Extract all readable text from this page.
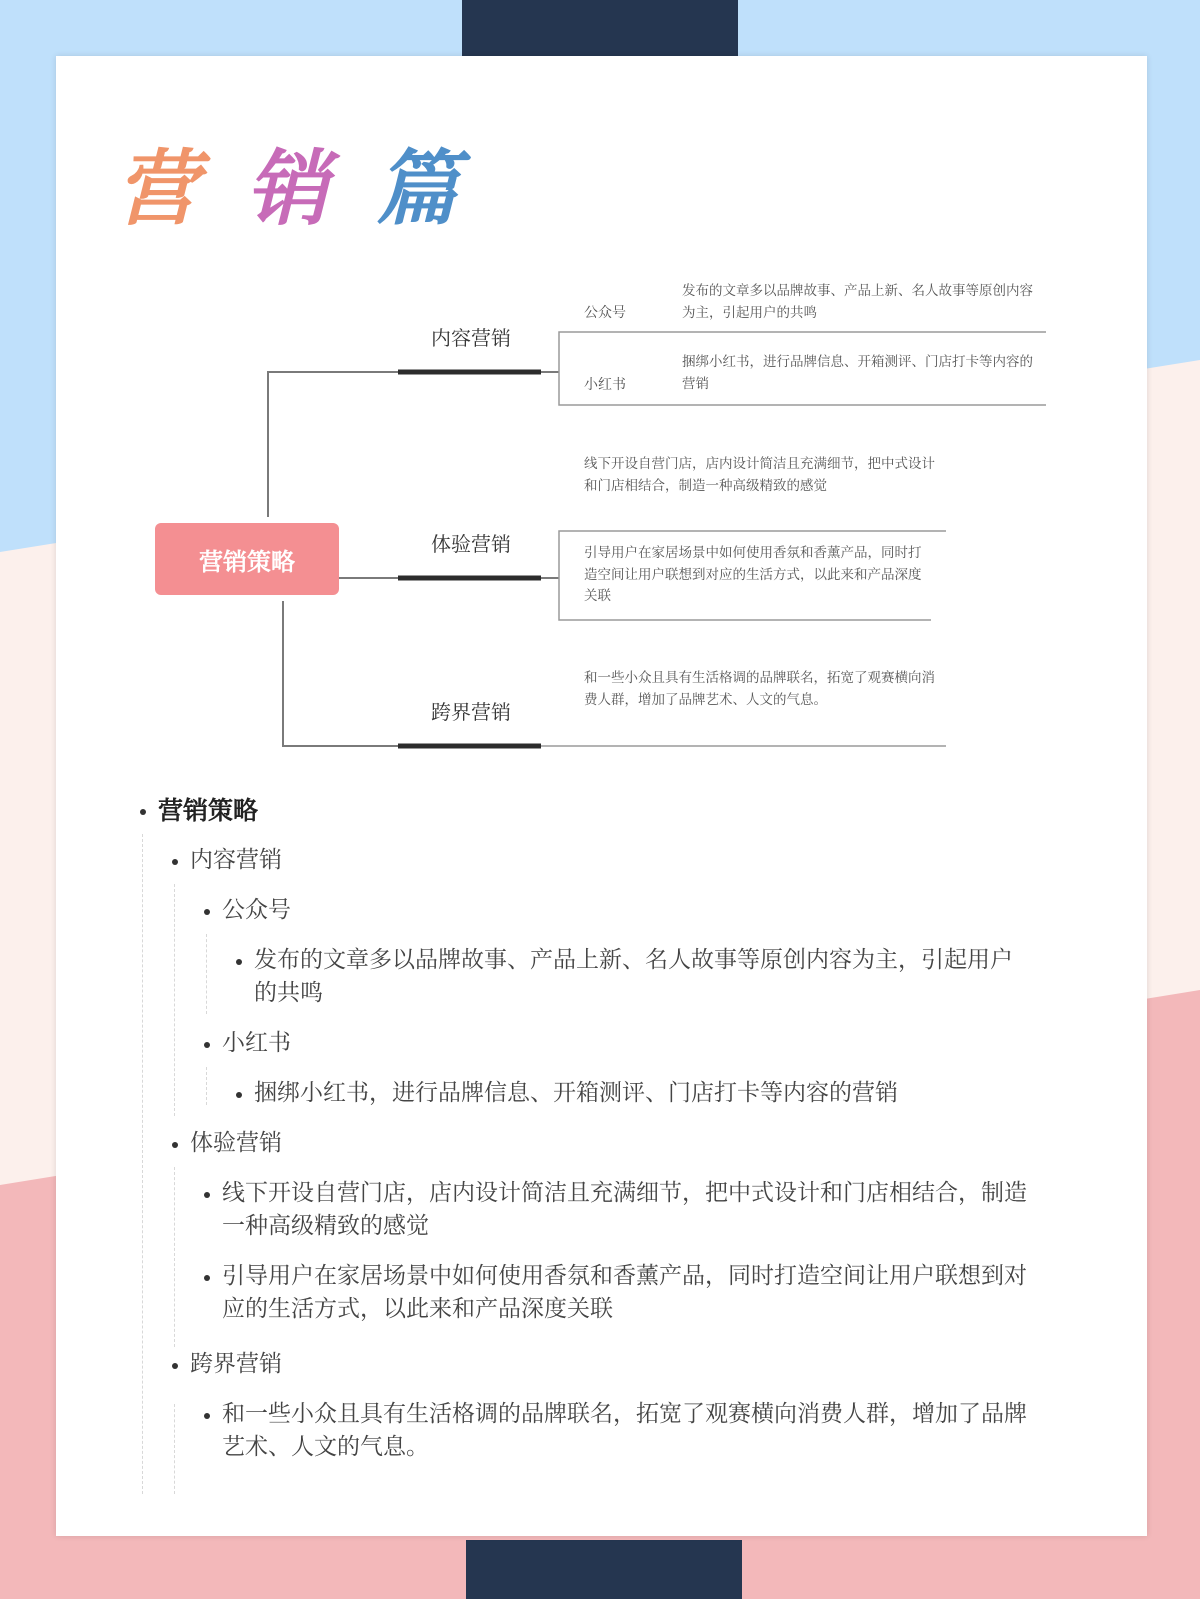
营 销 篇
营销策略
内容营销
体验营销
跨界营销
公众号
发布的文章多以品牌故事、产品上新、名人故事等原创内容为主，引起用户的共鸣
小红书
捆绑小红书，进行品牌信息、开箱测评、门店打卡等内容的营销
线下开设自营门店，店内设计简洁且充满细节，把中式设计和门店相结合，制造一种高级精致的感觉
引导用户在家居场景中如何使用香氛和香薰产品，同时打造空间让用户联想到对应的生活方式，以此来和产品深度关联
和一些小众且具有生活格调的品牌联名，拓宽了观赛横向消费人群，增加了品牌艺术、人文的气息。
营销策略
内容营销
公众号
发布的文章多以品牌故事、产品上新、名人故事等原创内容为主，引起用户
的共鸣
小红书
捆绑小红书，进行品牌信息、开箱测评、门店打卡等内容的营销
体验营销
线下开设自营门店，店内设计简洁且充满细节，把中式设计和门店相结合，制造
一种高级精致的感觉
引导用户在家居场景中如何使用香氛和香薰产品，同时打造空间让用户联想到对
应的生活方式，以此来和产品深度关联
跨界营销
和一些小众且具有生活格调的品牌联名，拓宽了观赛横向消费人群，增加了品牌
艺术、人文的气息。
